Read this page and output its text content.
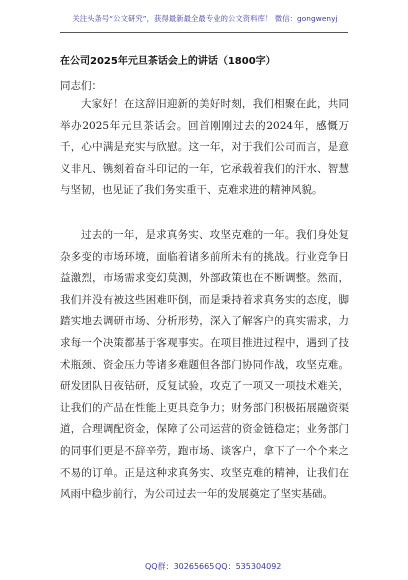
关注头条号“公文研究”，获得最新最全最专业的公文资料库！ 微信：gongwenyj
在公司2025年元旦茶话会上的讲话（1800字）
同志们：

大家好！在这辞旧迎新的美好时刻，我们相聚在此，共同举办2025年元旦茶话会。回首刚刚过去的2024年，感慨万千，心中满是充实与欣慰。这一年，对于我们公司而言，是意义非凡、镌刻着奋斗印记的一年，它承载着我们的汗水、智慧与坚韧，也见证了我们务实重干、克难求进的精神风貌。

过去的一年，是求真务实、攻坚克难的一年。我们身处复杂多变的市场环境，面临着诸多前所未有的挑战。行业竞争日益激烈，市场需求变幻莫测，外部政策也在不断调整。然而，我们并没有被这些困难吓倒，而是秉持着求真务实的态度，脚踏实地去调研市场、分析形势，深入了解客户的真实需求，力求每一个决策都基于客观事实。在项目推进过程中，遇到了技术瓶颈、资金压力等诸多难题但各部门协同作战，攻坚克难。研发团队日夜钻研，反复试验，攻克了一项又一项技术难关，让我们的产品在性能上更具竞争力；财务部门积极拓展融资渠道，合理调配资金，保障了公司运营的资金链稳定；业务部门的同事们更是不辞辛劳，跑市场、谈客户，拿下了一个个来之不易的订单。正是这种求真务实、攻坚克难的精神，让我们在风雨中稳步前行，为公司过去一年的发展奠定了坚实基础。

QQ群：30265665 QQ：535304092
